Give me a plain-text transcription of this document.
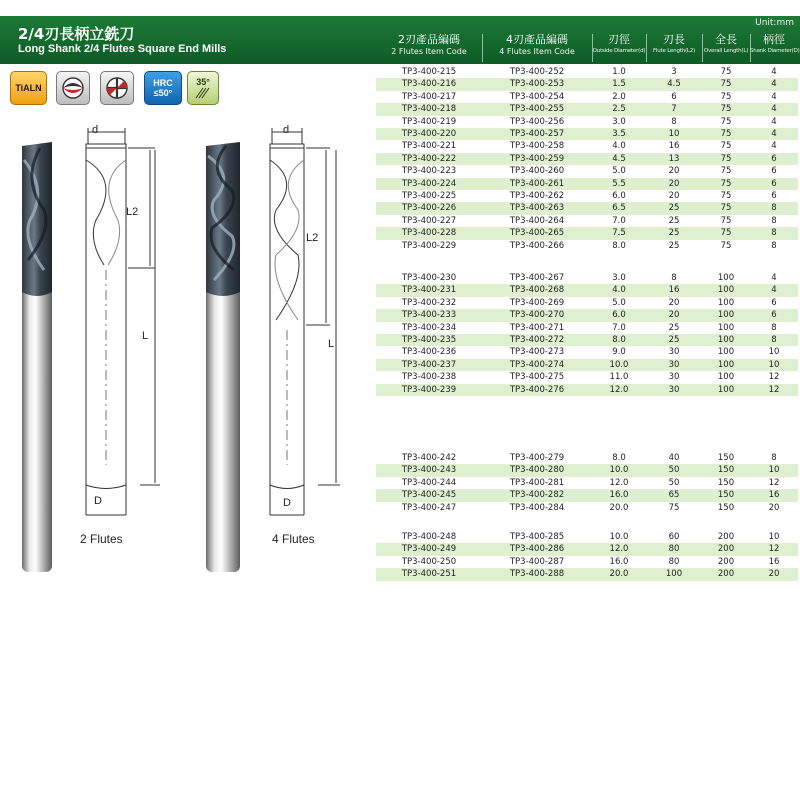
Unit:mm
2/4刃長柄立銑刀
Long Shank 2/4 Flutes Square End Mills
2刃產品編碼
2 Flutes Item Code
4刃產品編碼
4 Flutes Item Code
刃徑
Outside Diameter(d)
刃長
Flute Length(L2)
全長
Overall Length(L)
柄徑
Shank Diameter(D)
TiALN
HRC
≤50°
35°
d
L2
L
D
2 Flutes
d
L2
L
D
4 Flutes
TP3-400-215	TP3-400-252	1.0	3	75	4
TP3-400-216	TP3-400-253	1.5	4.5	75	4
TP3-400-217	TP3-400-254	2.0	6	75	4
TP3-400-218	TP3-400-255	2.5	7	75	4
TP3-400-219	TP3-400-256	3.0	8	75	4
TP3-400-220	TP3-400-257	3.5	10	75	4
TP3-400-221	TP3-400-258	4.0	16	75	4
TP3-400-222	TP3-400-259	4.5	13	75	6
TP3-400-223	TP3-400-260	5.0	20	75	6
TP3-400-224	TP3-400-261	5.5	20	75	6
TP3-400-225	TP3-400-262	6.0	20	75	6
TP3-400-226	TP3-400-263	6.5	25	75	8
TP3-400-227	TP3-400-264	7.0	25	75	8
TP3-400-228	TP3-400-265	7.5	25	75	8
TP3-400-229	TP3-400-266	8.0	25	75	8
TP3-400-230	TP3-400-267	3.0	8	100	4
TP3-400-231	TP3-400-268	4.0	16	100	4
TP3-400-232	TP3-400-269	5.0	20	100	6
TP3-400-233	TP3-400-270	6.0	20	100	6
TP3-400-234	TP3-400-271	7.0	25	100	8
TP3-400-235	TP3-400-272	8.0	25	100	8
TP3-400-236	TP3-400-273	9.0	30	100	10
TP3-400-237	TP3-400-274	10.0	30	100	10
TP3-400-238	TP3-400-275	11.0	30	100	12
TP3-400-239	TP3-400-276	12.0	30	100	12
TP3-400-242	TP3-400-279	8.0	40	150	8
TP3-400-243	TP3-400-280	10.0	50	150	10
TP3-400-244	TP3-400-281	12.0	50	150	12
TP3-400-245	TP3-400-282	16.0	65	150	16
TP3-400-247	TP3-400-284	20.0	75	150	20
TP3-400-248	TP3-400-285	10.0	60	200	10
TP3-400-249	TP3-400-286	12.0	80	200	12
TP3-400-250	TP3-400-287	16.0	80	200	16
TP3-400-251	TP3-400-288	20.0	100	200	20
